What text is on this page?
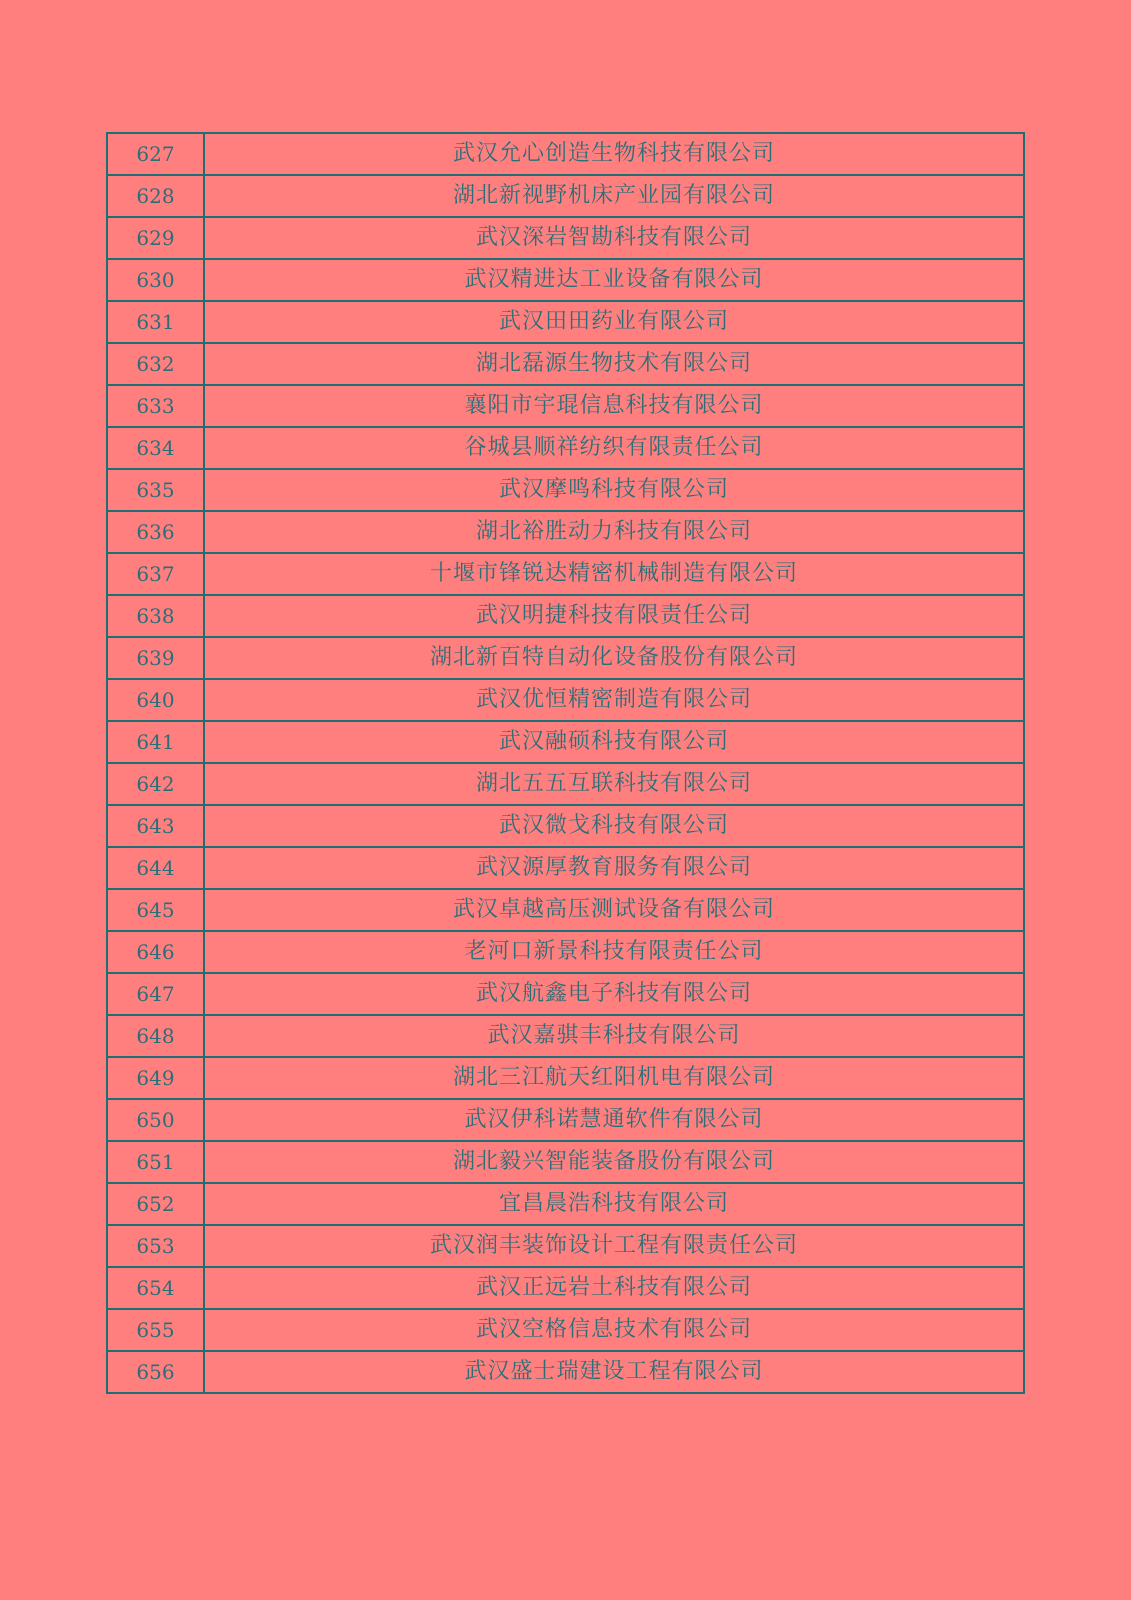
627	武汉允心创造生物科技有限公司
628	湖北新视野机床产业园有限公司
629	武汉深岩智勘科技有限公司
630	武汉精进达工业设备有限公司
631	武汉田田药业有限公司
632	湖北磊源生物技术有限公司
633	襄阳市宇琨信息科技有限公司
634	谷城县顺祥纺织有限责任公司
635	武汉摩鸣科技有限公司
636	湖北裕胜动力科技有限公司
637	十堰市锋锐达精密机械制造有限公司
638	武汉明捷科技有限责任公司
639	湖北新百特自动化设备股份有限公司
640	武汉优恒精密制造有限公司
641	武汉融硕科技有限公司
642	湖北五五互联科技有限公司
643	武汉微戈科技有限公司
644	武汉源厚教育服务有限公司
645	武汉卓越高压测试设备有限公司
646	老河口新景科技有限责任公司
647	武汉航鑫电子科技有限公司
648	武汉嘉骐丰科技有限公司
649	湖北三江航天红阳机电有限公司
650	武汉伊科诺慧通软件有限公司
651	湖北毅兴智能装备股份有限公司
652	宜昌晨浩科技有限公司
653	武汉润丰装饰设计工程有限责任公司
654	武汉正远岩土科技有限公司
655	武汉空格信息技术有限公司
656	武汉盛士瑞建设工程有限公司
